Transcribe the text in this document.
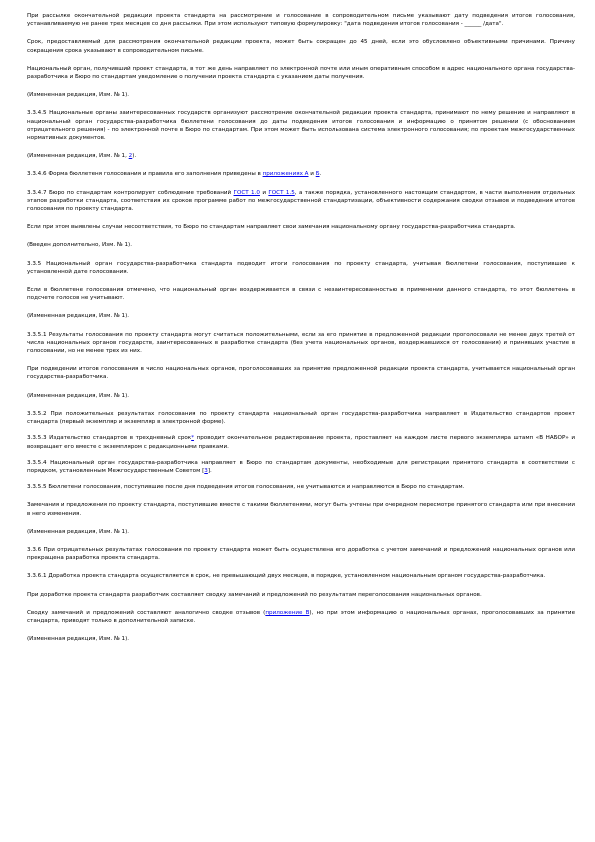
При рассылке окончательной редакции проекта стандарта на рассмотрение и голосование в сопроводительном письме указывают дату подведения итогов голосования, устанавливаемую не ранее трех месяцев со дня рассылки. При этом используют типовую формулировку: "дата подведения итогов голосования - ______ /дата".

Срок, предоставляемый для рассмотрения окончательной редакции проекта, может быть сокращен до 45 дней, если это обусловлено объективными причинами. Причину сокращения срока указывают в сопроводительном письме.

Национальный орган, получивший проект стандарта, в тот же день направляет по электронной почте или иным оперативным способом в адрес национального органа государства-разработчика и Бюро по стандартам уведомление о получении проекта стандарта с указанием даты получения.

(Измененная редакция, Изм. № 1).

3.3.4.5 Национальные органы заинтересованных государств организуют рассмотрение окончательной редакции проекта стандарта, принимают по нему решение и направляют в национальный орган государства-разработчика бюллетени голосования до даты подведения итогов голосования и информацию о принятом решении (с обоснованием отрицательного решения) - по электронной почте в Бюро по стандартам. При этом может быть использована система электронного голосования; по проектам межгосударственных нормативных документов.

(Измененная редакция, Изм. № 1, 2).

3.3.4.6 Форма бюллетеня голосования и правила его заполнения приведены в приложениях А и Б.

3.3.4.7 Бюро по стандартам контролирует соблюдение требований ГОСТ 1.0 и ГОСТ 1.5, а также порядка, установленного настоящим стандартом, в части выполнения отдельных этапов разработки стандарта, соответствия их сроков программе работ по межгосударственной стандартизации, объективности содержания сводки отзывов и подведения итогов голосования по проекту стандарта.

Если при этом выявлены случаи несоответствия, то Бюро по стандартам направляет свои замечания национальному органу государства-разработчика стандарта.

(Введен дополнительно, Изм. № 1).

3.3.5 Национальный орган государства-разработчика стандарта подводит итоги голосования по проекту стандарта, учитывая бюллетени голосования, поступившие к установленной дате голосования.

Если в бюллетене голосования отмечено, что национальный орган воздерживается в связи с незаинтересованностью в применении данного стандарта, то этот бюллетень в подсчете голосов не учитывают.

(Измененная редакция, Изм. № 1).

3.3.5.1 Результаты голосования по проекту стандарта могут считаться положительными, если за его принятие в предложенной редакции проголосовали не менее двух третей от числа национальных органов государств, заинтересованных в разработке стандарта (без учета национальных органов, воздержавшихся от голосования) и принявших участие в голосовании, но не менее трех из них.

При подведении итогов голосования в число национальных органов, проголосовавших за принятие предложенной редакции проекта стандарта, учитывается национальный орган государства-разработчика.

(Измененная редакция, Изм. № 1).

3.3.5.2 При положительных результатах голосования по проекту стандарта национальный орган государства-разработчика направляет в Издательство стандартов проект стандарта (первый экземпляр и экземпляр в электронной форме).

3.3.5.3 Издательство стандартов в трехдневный срок* проводит окончательное редактирование проекта, проставляет на каждом листе первого экземпляра штамп «В НАБОР» и возвращает его вместе с экземпляром с редакционными правками.

3.3.5.4 Национальный орган государства-разработчика направляет в Бюро по стандартам документы, необходимые для регистрации принятого стандарта в соответствии с порядком, установленным Межгосударственным Советом [3].

3.3.5.5 Бюллетени голосования, поступившие после дня подведения итогов голосования, не учитываются и направляются в Бюро по стандартам.

Замечания и предложения по проекту стандарта, поступившие вместе с такими бюллетенями, могут быть учтены при очередном пересмотре принятого стандарта или при внесении в него изменения.

(Измененная редакция, Изм. № 1).

3.3.6 При отрицательных результатах голосования по проекту стандарта может быть осуществлена его доработка с учетом замечаний и предложений национальных органов или прекращена разработка проекта стандарта.

3.3.6.1 Доработка проекта стандарта осуществляется в срок, не превышающий двух месяцев, в порядке, установленном национальным органом государства-разработчика.

При доработке проекта стандарта разработчик составляет сводку замечаний и предложений по результатам переголосования национальных органов.

Сводку замечаний и предложений составляют аналогично сводке отзывов (приложение В), но при этом информацию о национальных органах, проголосовавших за принятие стандарта, приводят только в дополнительной записке.

(Измененная редакция, Изм. № 1).
